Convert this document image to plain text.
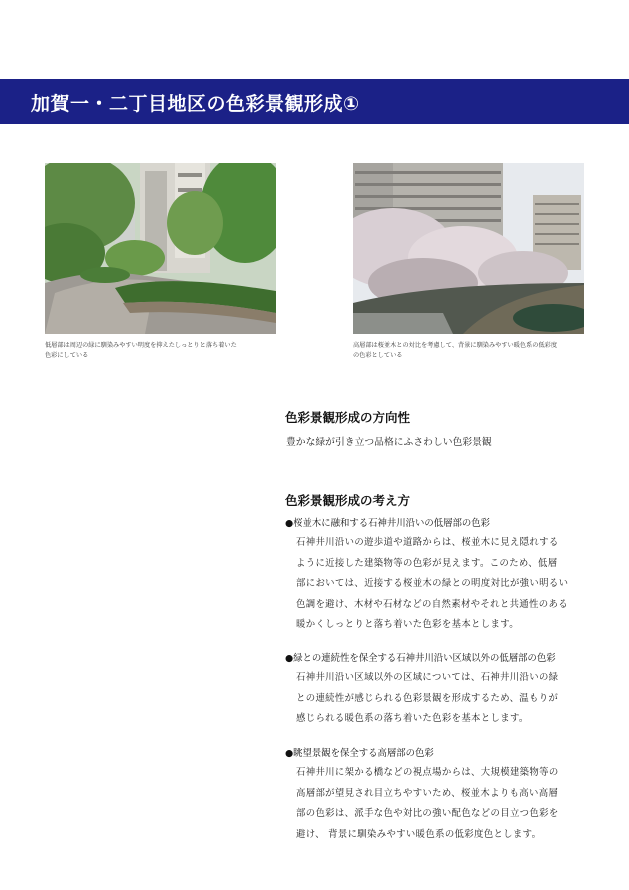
加賀一・二丁目地区の色彩景観形成①

低層部は周辺の緑に馴染みやすい明度を抑えたしっとりと落ち着いた
色彩にしている

高層部は桜並木との対比を考慮して、背景に馴染みやすい暖色系の低彩度
の色彩としている

色彩景観形成の方向性

豊かな緑が引き立つ品格にふさわしい色彩景観

色彩景観形成の考え方

●桜並木に融和する石神井川沿いの低層部の色彩

石神井川沿いの遊歩道や道路からは、桜並木に見え隠れする

ように近接した建築物等の色彩が見えます。このため、低層

部においては、近接する桜並木の緑との明度対比が強い明るい

色調を避け、木材や石材などの自然素材やそれと共通性のある

暖かくしっとりと落ち着いた色彩を基本とします。

●緑との連続性を保全する石神井川沿い区域以外の低層部の色彩

石神井川沿い区域以外の区域については、石神井川沿いの緑

との連続性が感じられる色彩景観を形成するため、温もりが

感じられる暖色系の落ち着いた色彩を基本とします。

●眺望景観を保全する高層部の色彩

石神井川に架かる橋などの視点場からは、大規模建築物等の

高層部が望見され目立ちやすいため、桜並木よりも高い高層

部の色彩は、派手な色や対比の強い配色などの目立つ色彩を

避け、 背景に馴染みやすい暖色系の低彩度色とします。
